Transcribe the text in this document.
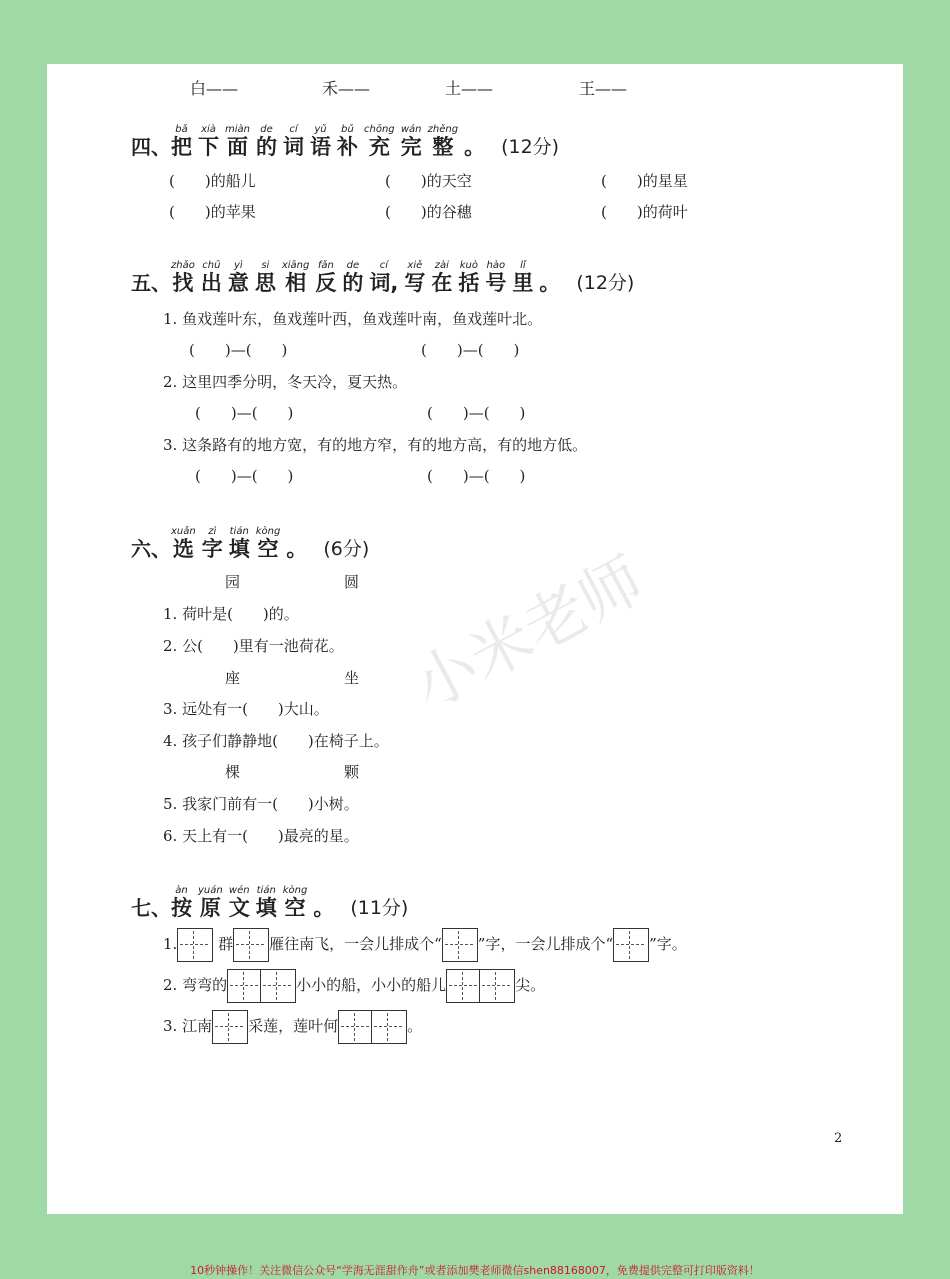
白——	禾——	土——	王——
四、
bǎ
把
xià
下
miàn
面
de
的
cí
词
yǔ
语
bǔ
补
chōng
充
wán
完
zhěng
整 。 (12分)
(　　)的船儿	(　　)的天空	(　　)的星星
(　　)的苹果	(　　)的谷穗	(　　)的荷叶
五、
zhǎo
找
chū
出
yì
意
si
思
xiāng
相
fǎn
反
de
的
cí
词,
xiě
写
zài
在
kuò
括
hào
号
lǐ
里 。 (12分)
1. 鱼戏莲叶东，鱼戏莲叶西，鱼戏莲叶南，鱼戏莲叶北。
(　　)—(　　)	(　　)—(　　)
2. 这里四季分明，冬天冷，夏天热。
(　　)—(　　)	(　　)—(　　)
3. 这条路有的地方宽，有的地方窄，有的地方高，有的地方低。
(　　)—(　　)	(　　)—(　　)
六、
xuǎn
选
zì
字
tián
填
kòng
空 。 (6分)
园	圆
1. 荷叶是(　　)的。
2. 公(　　)里有一池荷花。
座	坐
3. 远处有一(　　)大山。
4. 孩子们静静地(　　)在椅子上。
棵	颗
5. 我家门前有一(　　)小树。
6. 天上有一(　　)最亮的星。
七、
àn
按
yuán
原
wén
文
tián
填
kòng
空 。 (11分)
1.	群 雁往南飞，一会儿排成个“ ”字，一会儿排成个“ ”字。
2. 弯弯的	小小的船，小小的船儿	尖。
3. 江南 采莲，莲叶何	。
小米老师
2
10秒钟操作！关注微信公众号“学海无涯甜作舟”或者添加樊老师微信shen88168007，免费提供完整可打印版资料！
